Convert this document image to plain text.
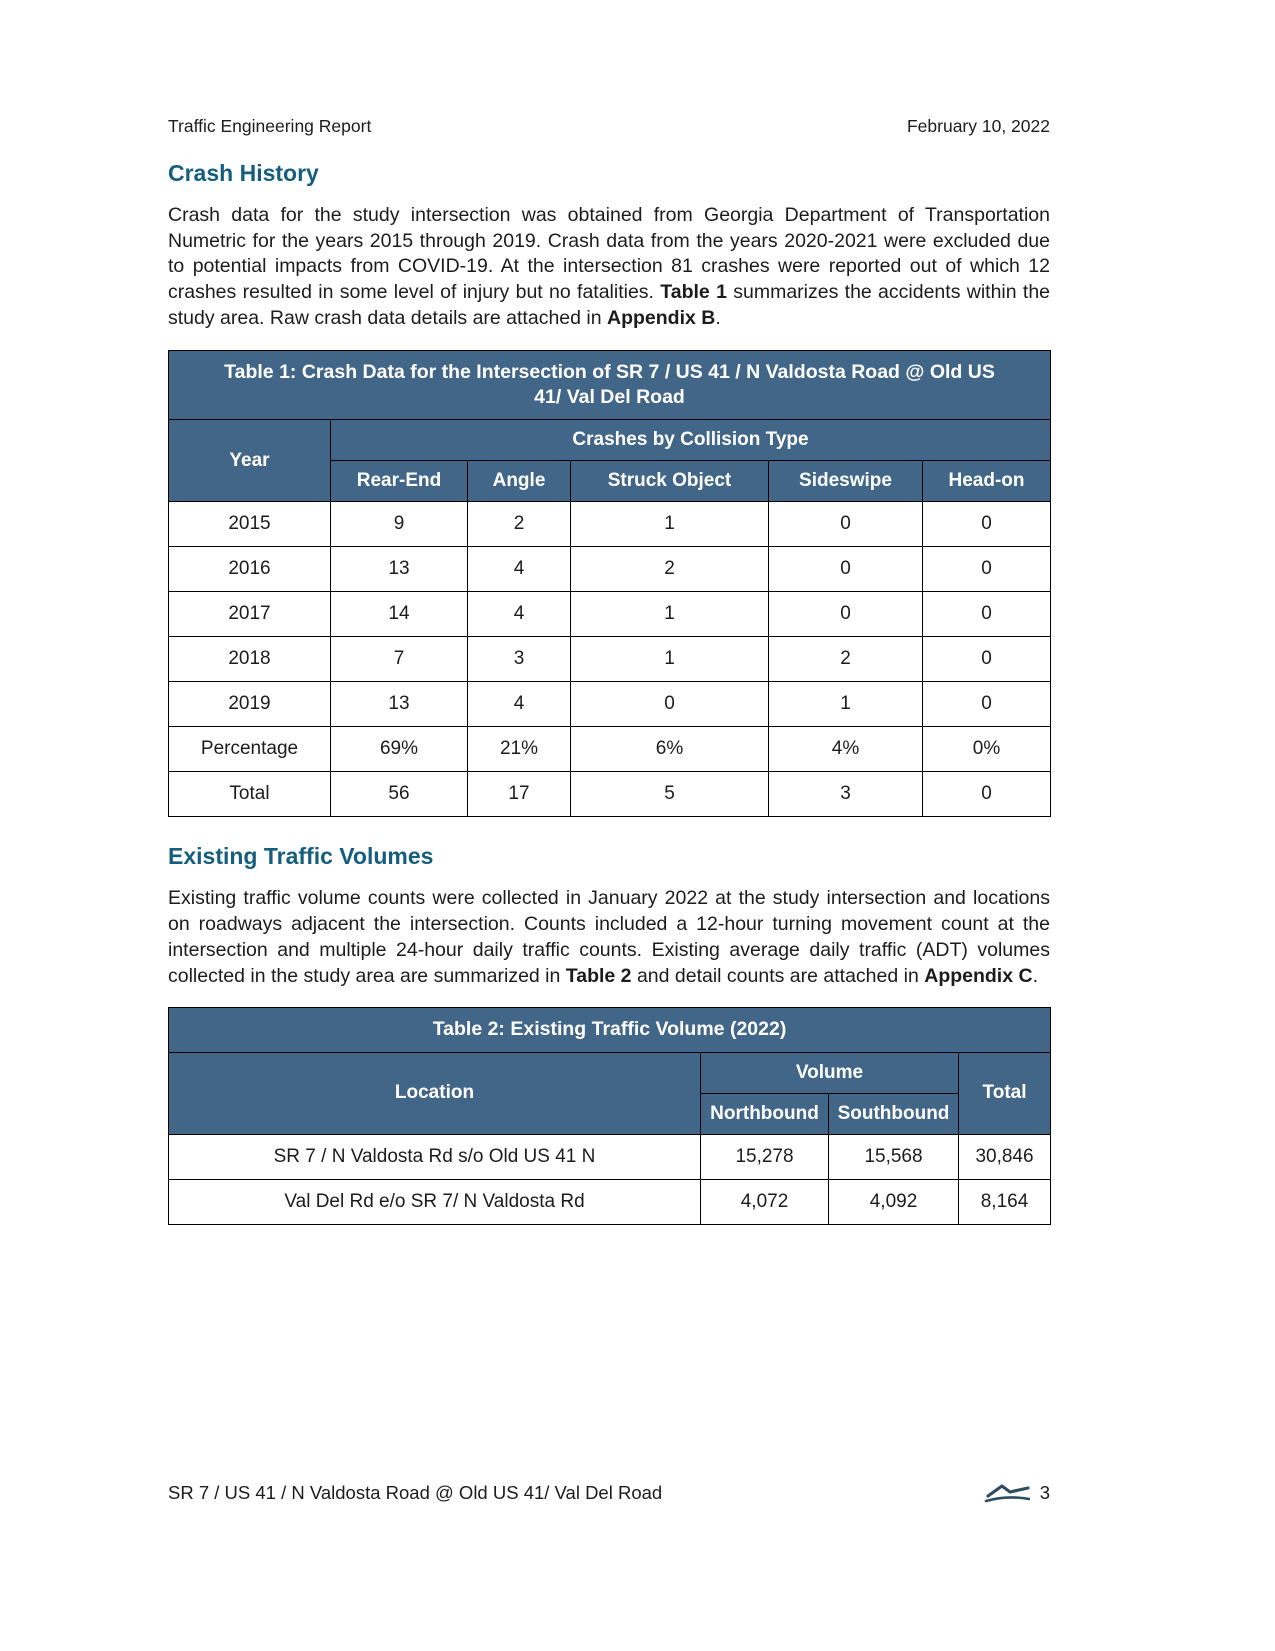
Traffic Engineering Report	February 10, 2022
Crash History

Crash data for the study intersection was obtained from Georgia Department of Transportation Numetric for the years 2015 through 2019. Crash data from the years 2020-2021 were excluded due to potential impacts from COVID-19. At the intersection 81 crashes were reported out of which 12 crashes resulted in some level of injury but no fatalities. Table 1 summarizes the accidents within the study area. Raw crash data details are attached in Appendix B.

Table 1: Crash Data for the Intersection of SR 7 / US 41 / N Valdosta Road @ Old US 41/ Val Del Road					
Year	Crashes by Collision Type				
	Rear-End	Angle	Struck Object	Sideswipe	Head-on
2015	9	2	1	0	0
2016	13	4	2	0	0
2017	14	4	1	0	0
2018	7	3	1	2	0
2019	13	4	0	1	0
Percentage	69%	21%	6%	4%	0%
Total	56	17	5	3	0
Existing Traffic Volumes

Existing traffic volume counts were collected in January 2022 at the study intersection and locations on roadways adjacent the intersection. Counts included a 12-hour turning movement count at the intersection and multiple 24-hour daily traffic counts. Existing average daily traffic (ADT) volumes collected in the study area are summarized in Table 2 and detail counts are attached in Appendix C.

Table 2: Existing Traffic Volume (2022)			
Location	Volume		Total
	Northbound	Southbound	
SR 7 / N Valdosta Rd s/o Old US 41 N	15,278	15,568	30,846
Val Del Rd e/o SR 7/ N Valdosta Rd	4,072	4,092	8,164
SR 7 / US 41 / N Valdosta Road @ Old US 41/ Val Del Road	3
